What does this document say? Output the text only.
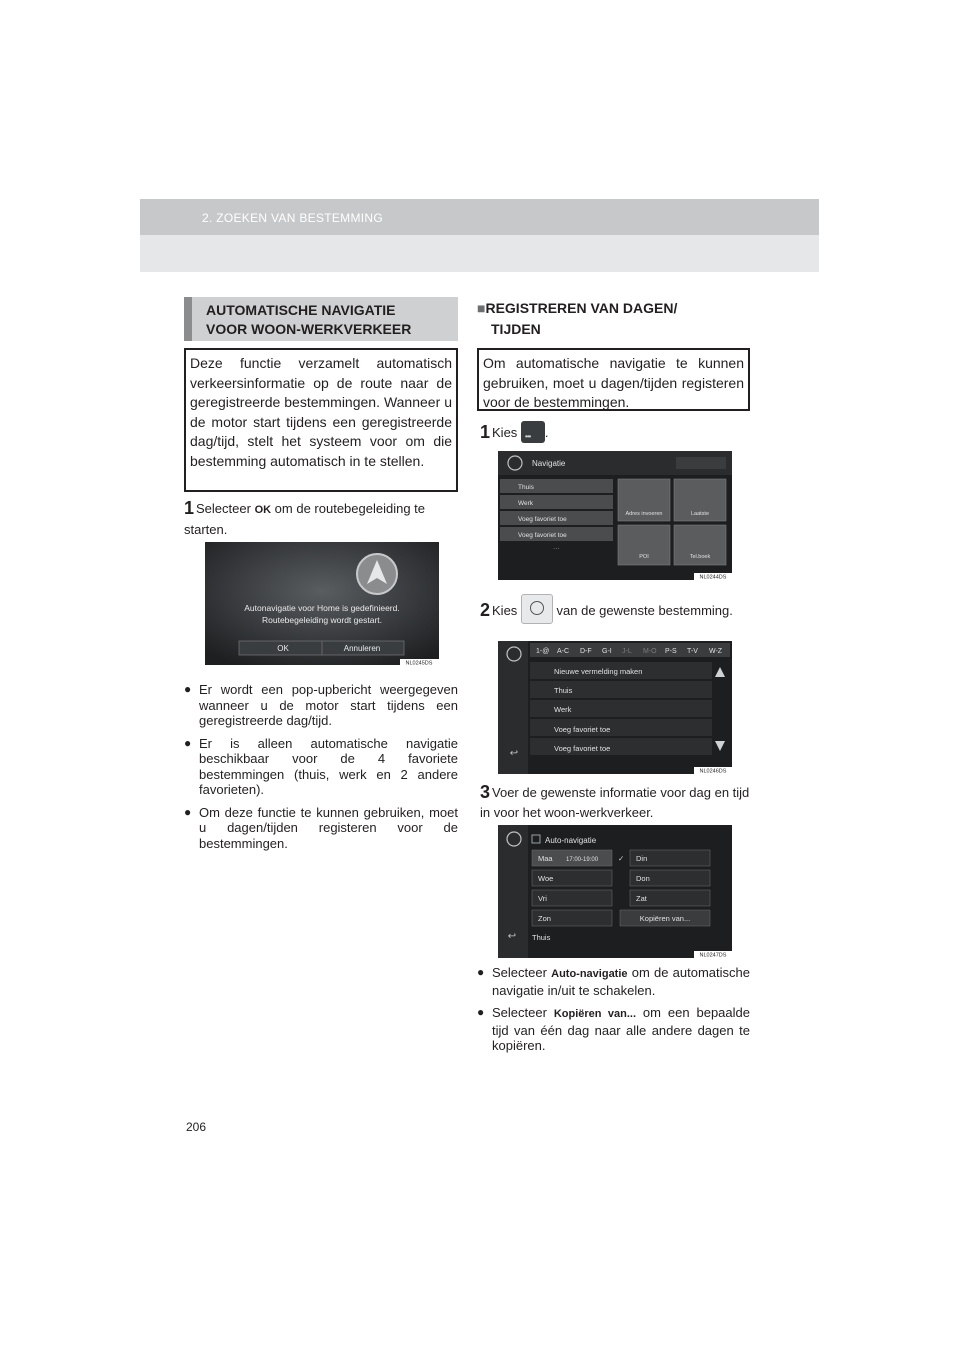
2. ZOEKEN VAN BESTEMMING
AUTOMATISCHE NAVIGATIE
VOOR WOON-WERKVERKEER
Deze functie verzamelt automatisch verkeersinformatie op de route naar de geregistreerde bestemmingen. Wanneer u de motor start tijdens een geregistreerde dag/tijd, stelt het systeem voor om die bestemming automatisch in te stellen.
1 Selecteer OK om de routebegeleiding te starten.
Autonavigatie voor Home is gedefinieerd.
Routebegeleiding wordt gestart.
OK	Annuleren
NL0245DS
● Er wordt een pop-upbericht weergegeven wanneer u de motor start tijdens een geregistreerde dag/tijd.
● Er is alleen automatische navigatie beschikbaar voor de 4 favoriete bestemmingen (thuis, werk en 2 andere favorieten).
● Om deze functie te kunnen gebruiken, moet u dagen/tijden registeren voor de bestemmingen.
■REGISTREREN VAN DAGEN/
TIJDEN
Om automatische navigatie te kunnen gebruiken, moet u dagen/tijden registeren voor de bestemmingen.
1 Kies •••.
Navigatie
Thuis
Werk
Voeg favoriet toe
Voeg favoriet toe
···
Adres invoeren	Laatste
POI	Tel.boek
NL0244DS
2 Kies  van de gewenste bestemming.
↩
1-@ A-C D-F G-I J-L M-O P-S T-V W-Z
Nieuwe vermelding maken
Thuis
Werk
Voeg favoriet toe
Voeg favoriet toe
NL0246DS
3 Voer de gewenste informatie voor dag en tijd in voor het woon-werkverkeer.
↩
Auto-navigatie
Maa 17:00-19:00	✓
Woe
Vri
Zon
Din
Don
Zat
Kopiëren van...
Thuis
NL0247DS
● Selecteer Auto-navigatie om de automatische navigatie in/uit te schakelen.
● Selecteer Kopiëren van... om een bepaalde tijd van één dag naar alle andere dagen te kopiëren.
206
